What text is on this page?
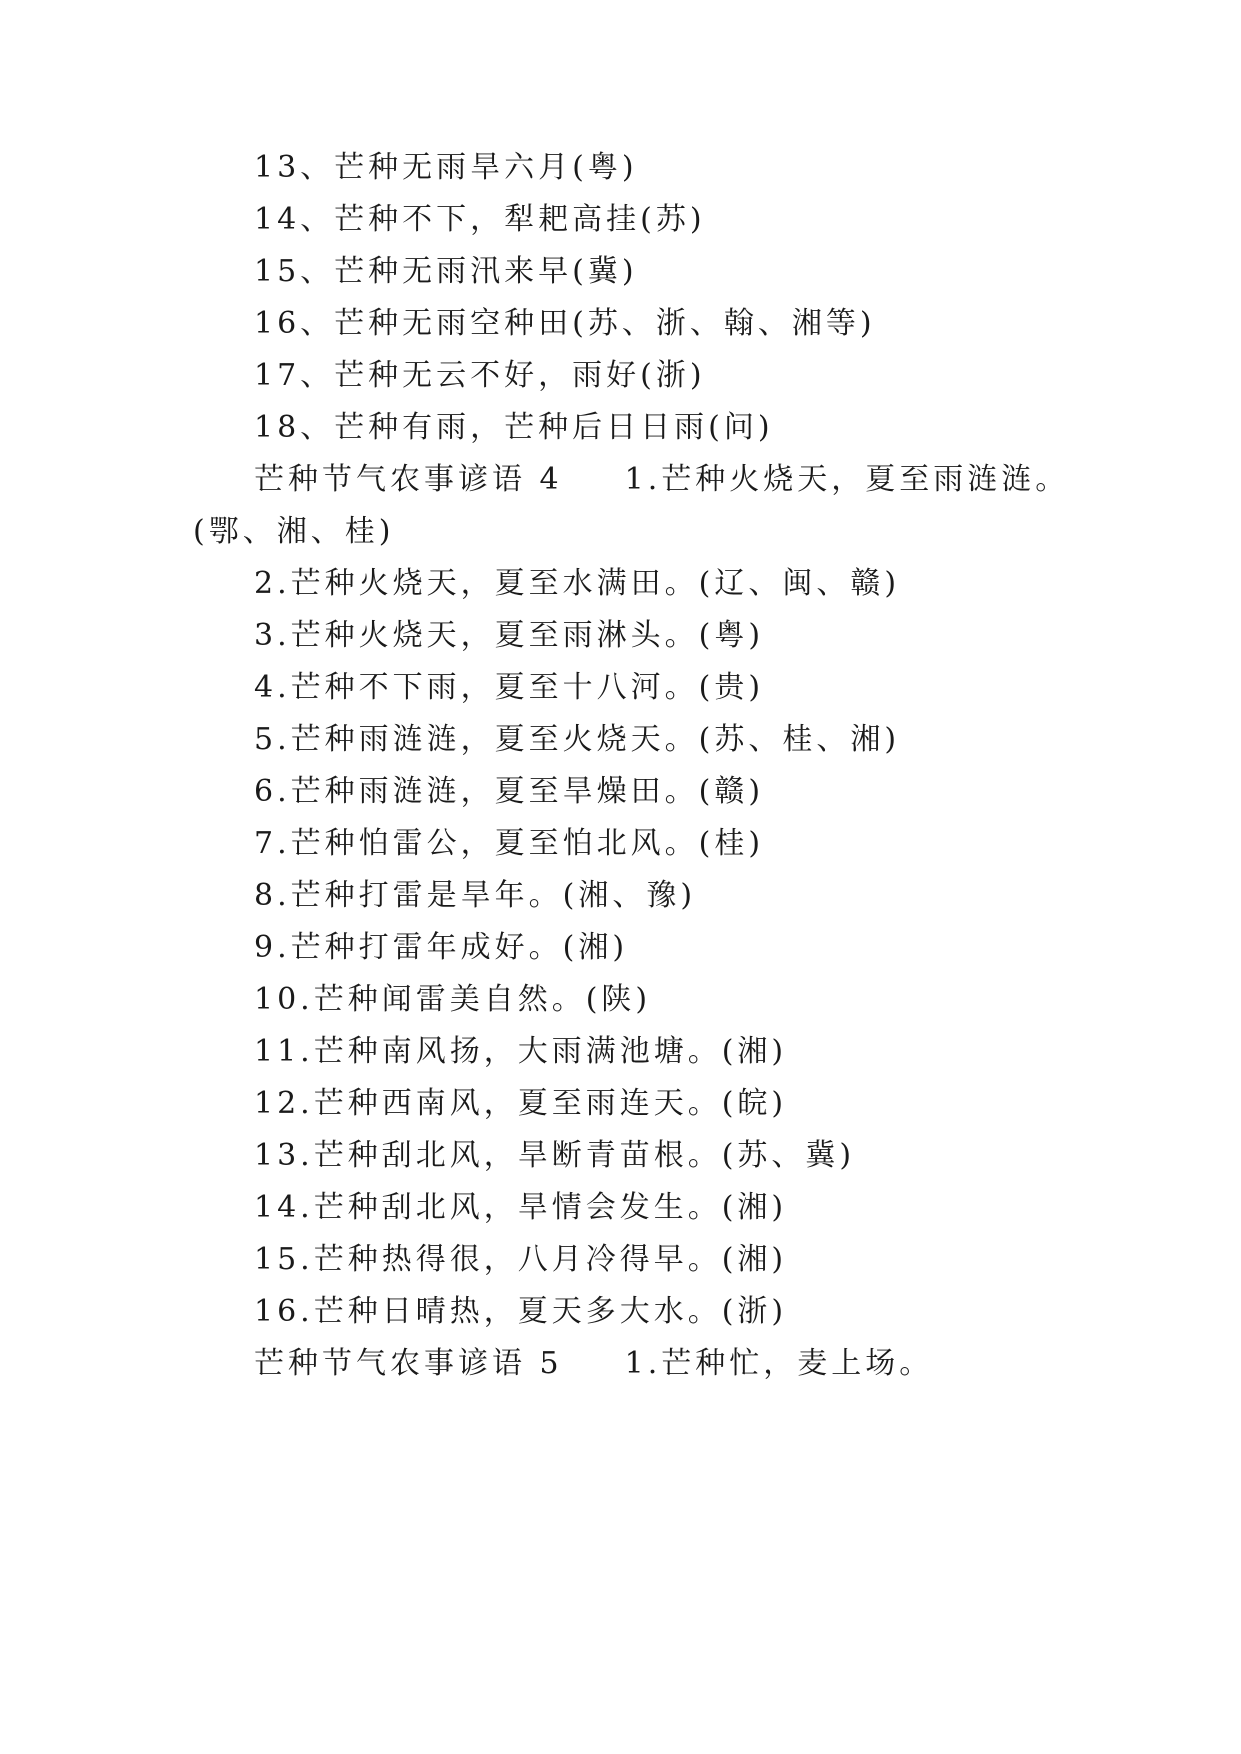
13、芒种无雨旱六月(粤)
14、芒种不下，犁耙高挂(苏)
15、芒种无雨汛来早(冀)
16、芒种无雨空种田(苏、浙、翰、湘等)
17、芒种无云不好，雨好(浙)
18、芒种有雨，芒种后日日雨(问)
芒种节气农事谚语 4 1.芒种火烧天，夏至雨涟涟。
(鄂、湘、桂)
2.芒种火烧天，夏至水满田。(辽、闽、赣)
3.芒种火烧天，夏至雨淋头。(粤)
4.芒种不下雨，夏至十八河。(贵)
5.芒种雨涟涟，夏至火烧天。(苏、桂、湘)
6.芒种雨涟涟，夏至旱燥田。(赣)
7.芒种怕雷公，夏至怕北风。(桂)
8.芒种打雷是旱年。(湘、豫)
9.芒种打雷年成好。(湘)
10.芒种闻雷美自然。(陕)
11.芒种南风扬，大雨满池塘。(湘)
12.芒种西南风，夏至雨连天。(皖)
13.芒种刮北风，旱断青苗根。(苏、冀)
14.芒种刮北风，旱情会发生。(湘)
15.芒种热得很，八月冷得早。(湘)
16.芒种日晴热，夏天多大水。(浙)
芒种节气农事谚语 5 1.芒种忙，麦上场。
